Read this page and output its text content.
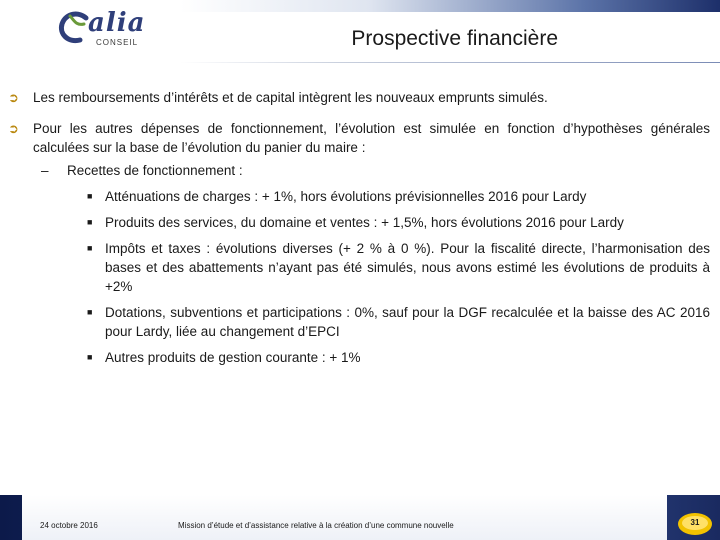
alia
CONSEIL	Prospective financière
➲	Les remboursements d’intérêts et de capital intègrent les nouveaux emprunts simulés.
➲	Pour les autres dépenses de fonctionnement, l’évolution est simulée en fonction d’hypothèses générales calculées sur la base de l’évolution du panier du maire :
–	Recettes de fonctionnement :
■ Atténuations de charges : + 1%, hors évolutions prévisionnelles 2016 pour Lardy
■ Produits des services, du domaine et ventes : + 1,5%, hors évolutions 2016 pour Lardy
■ Impôts et taxes : évolutions diverses (+ 2 % à 0 %). Pour la fiscalité directe, l’harmonisation des bases et des abattements n’ayant pas été simulés, nous avons estimé les évolutions de produits à +2%
■ Dotations, subventions et participations : 0%, sauf pour la DGF recalculée et la baisse des AC 2016 pour Lardy, liée au changement d’EPCI
■ Autres produits de gestion courante : + 1%
24 octobre 2016	Mission d’étude et d’assistance relative à la création d’une commune nouvelle	31
